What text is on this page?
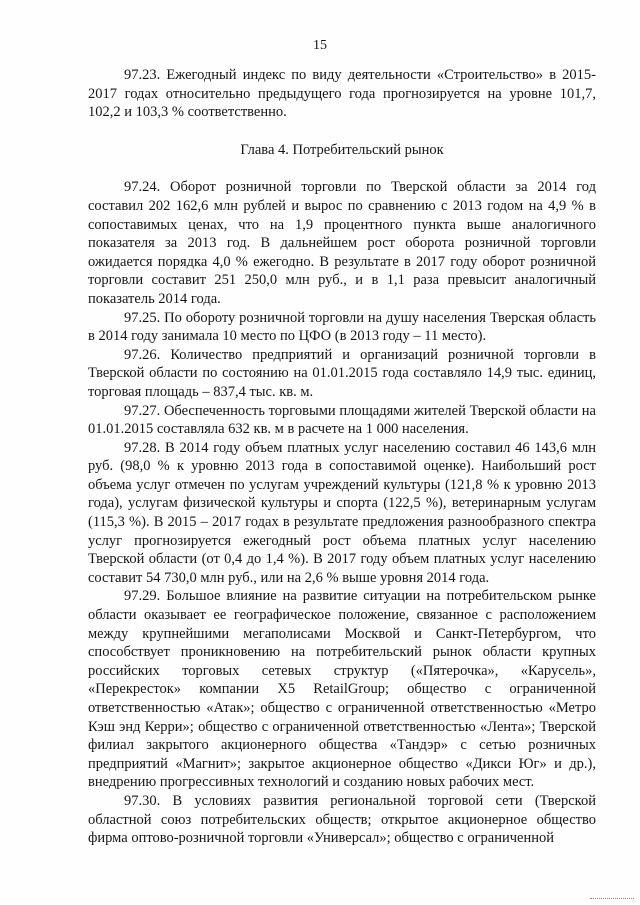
15

97.23. Ежегодный индекс по виду деятельности «Строительство» в 2015-2017 годах относительно предыдущего года прогнозируется на уровне 101,7, 102,2 и 103,3 % соответственно.

Глава 4. Потребительский рынок

97.24. Оборот розничной торговли по Тверской области за 2014 год составил 202 162,6 млн рублей и вырос по сравнению с 2013 годом на 4,9 % в сопоставимых ценах, что на 1,9 процентного пункта выше аналогичного показателя за 2013 год. В дальнейшем рост оборота розничной торговли ожидается порядка 4,0 % ежегодно. В результате в 2017 году оборот розничной торговли составит 251 250,0 млн руб., и в 1,1 раза превысит аналогичный показатель 2014 года.

97.25. По обороту розничной торговли на душу населения Тверская область в 2014 году занимала 10 место по ЦФО (в 2013 году – 11 место).

97.26. Количество предприятий и организаций розничной торговли в Тверской области по состоянию на 01.01.2015 года составляло 14,9 тыс. единиц, торговая площадь – 837,4 тыс. кв. м.

97.27. Обеспеченность торговыми площадями жителей Тверской области на 01.01.2015 составляла 632 кв. м в расчете на 1 000 населения.

97.28. В 2014 году объем платных услуг населению составил 46 143,6 млн руб. (98,0 % к уровню 2013 года в сопоставимой оценке). Наибольший рост объема услуг отмечен по услугам учреждений культуры (121,8 % к уровню 2013 года), услугам физической культуры и спорта (122,5 %), ветеринарным услугам (115,3 %). В 2015 – 2017 годах в результате предложения разнообразного спектра услуг прогнозируется ежегодный рост объема платных услуг населению Тверской области (от 0,4 до 1,4 %). В 2017 году объем платных услуг населению составит 54 730,0 млн руб., или на 2,6 % выше уровня 2014 года.

97.29. Большое влияние на развитие ситуации на потребительском рынке области оказывает ее географическое положение, связанное с расположением между крупнейшими мегаполисами Москвой и Санкт-Петербургом, что способствует проникновению на потребительский рынок области крупных российских торговых сетевых структур («Пятерочка», «Карусель», «Перекресток» компании X5 RetailGroup; общество с ограниченной ответственностью «Атак»; общество с ограниченной ответственностью «Метро Кэш энд Керри»; общество с ограниченной ответственностью «Лента»; Тверской филиал закрытого акционерного общества «Тандэр» с сетью розничных предприятий «Магнит»; закрытое акционерное общество «Дикси Юг» и др.), внедрению прогрессивных технологий и созданию новых рабочих мест.

97.30. В условиях развития региональной торговой сети (Тверской областной союз потребительских обществ; открытое акционерное общество фирма оптово-розничной торговли «Универсал»; общество с ограниченной
